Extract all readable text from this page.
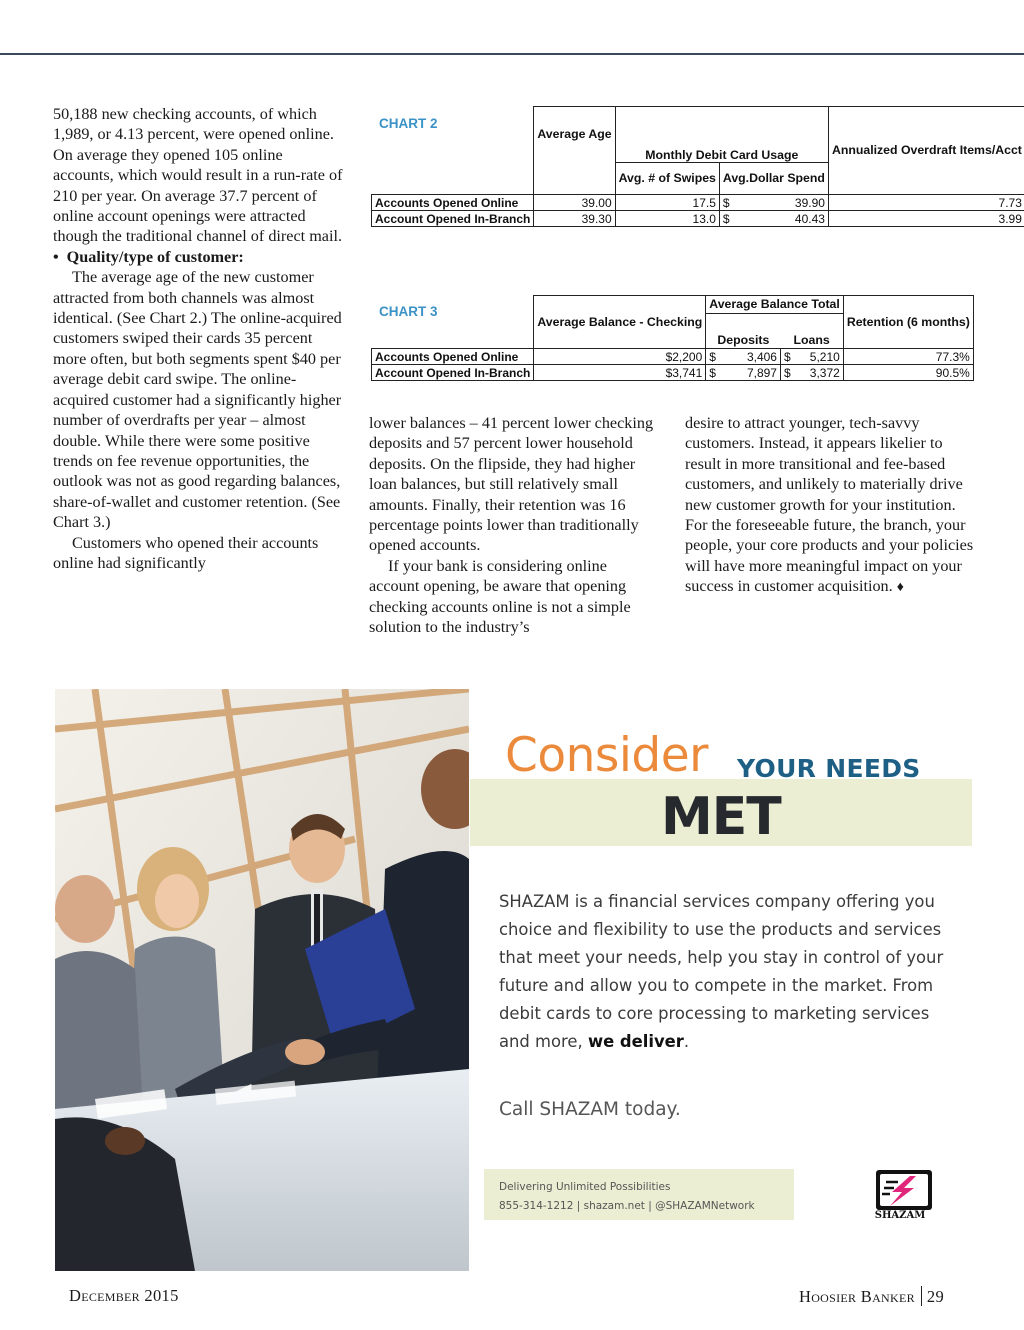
50,188 new checking accounts, of which 1,989, or 4.13 percent, were opened online. On average they opened 105 online accounts, which would result in a run-rate of 210 per year. On average 37.7 percent of online account openings were attracted though the traditional channel of direct mail.

• Quality/type of customer:

The average age of the new customer attracted from both channels was almost identical. (See Chart 2.) The online-acquired customers swiped their cards 35 percent more often, but both segments spent $40 per average debit card swipe. The online-acquired customer had a significantly higher number of overdrafts per year – almost double. While there were some positive trends on fee revenue opportunities, the outlook was not as good regarding balances, share-of-wallet and customer retention. (See Chart 3.)

Customers who opened their accounts online had significantly

lower balances – 41 percent lower checking deposits and 57 percent lower household deposits. On the flipside, they had higher loan balances, but still relatively small amounts. Finally, their retention was 16 percentage points lower than traditionally opened accounts.

If your bank is considering online account opening, be aware that opening checking accounts online is not a simple solution to the industry’s

desire to attract younger, tech-savvy customers. Instead, it appears likelier to result in more transitional and fee-based customers, and unlikely to materially drive new customer growth for your institution. For the foreseeable future, the branch, your people, your core products and your policies will have more meaningful impact on your success in customer acquisition. ♦

CHART 2
	Average Age	Monthly Debit Card Usage		Annualized Overdraft Items/Acct

		Avg. # of Swipes	Avg.Dollar Spend	
Accounts Opened Online	39.00	17.5	$ 39.90	7.73
Account Opened In-Branch	39.30	13.0	$ 40.43	3.99
CHART 3
	Average Balance - Checking	Average Balance Total		Retention (6 months)
		Deposits	Loans	
Accounts Opened Online	$2,200	$ 3,406	$ 5,210	77.3%
Account Opened In-Branch	$3,741	$ 7,897	$ 3,372	90.5%
Consider YOUR NEEDS
MET
SHAZAM is a financial services company offering you choice and flexibility to use the products and services that meet your needs, help you stay in control of your future and allow you to compete in the market. From debit cards to core processing to marketing services and more, we deliver.
Call SHAZAM today.
Delivering Unlimited Possibilities
855-314-1212 | shazam.net | @SHAZAMNetwork
SHAZAM
December 2015	Hoosier Banker 29
